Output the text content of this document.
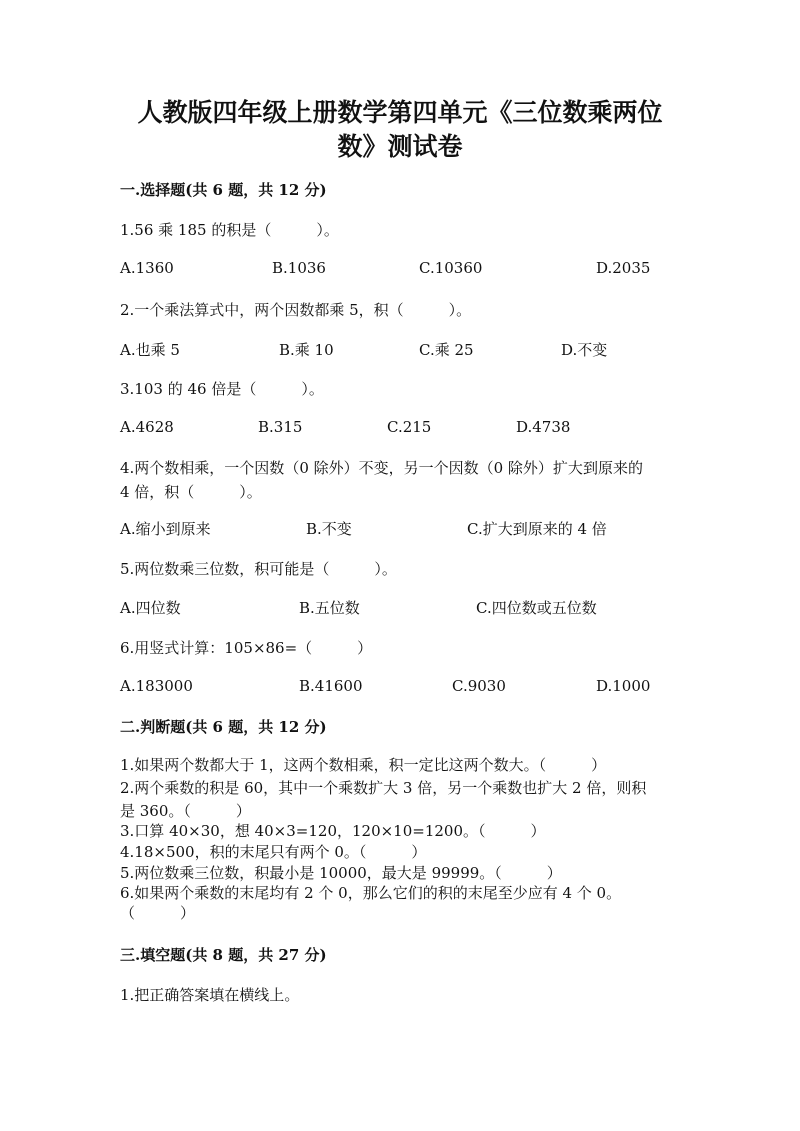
人教版四年级上册数学第四单元《三位数乘两位
数》测试卷
一.选择题(共 6 题，共 12 分)
1.56 乘 185 的积是（　　　）。
A.1360	B.1036	C.10360	D.2035
2.一个乘法算式中，两个因数都乘 5，积（　　　）。
A.也乘 5	B.乘 10	C.乘 25	D.不变
3.103 的 46 倍是（　　　）。
A.4628	B.315	C.215	D.4738
4.两个数相乘，一个因数（0 除外）不变，另一个因数（0 除外）扩大到原来的
4 倍，积（　　　）。
A.缩小到原来	B.不变	C.扩大到原来的 4 倍
5.两位数乘三位数，积可能是（　　　）。
A.四位数	B.五位数	C.四位数或五位数
6.用竖式计算：105×86=（　　　）
A.183000	B.41600	C.9030	D.1000
二.判断题(共 6 题，共 12 分)
1.如果两个数都大于 1，这两个数相乘，积一定比这两个数大。（　　　）
2.两个乘数的积是 60，其中一个乘数扩大 3 倍，另一个乘数也扩大 2 倍，则积
是 360。（　　　）
3.口算 40×30，想 40×3=120，120×10=1200。（　　　）
4.18×500，积的末尾只有两个 0。（　　　）
5.两位数乘三位数，积最小是 10000，最大是 99999。（　　　）
6.如果两个乘数的末尾均有 2 个 0，那么它们的积的末尾至少应有 4 个 0。
（　　　）
三.填空题(共 8 题，共 27 分)
1.把正确答案填在横线上。
